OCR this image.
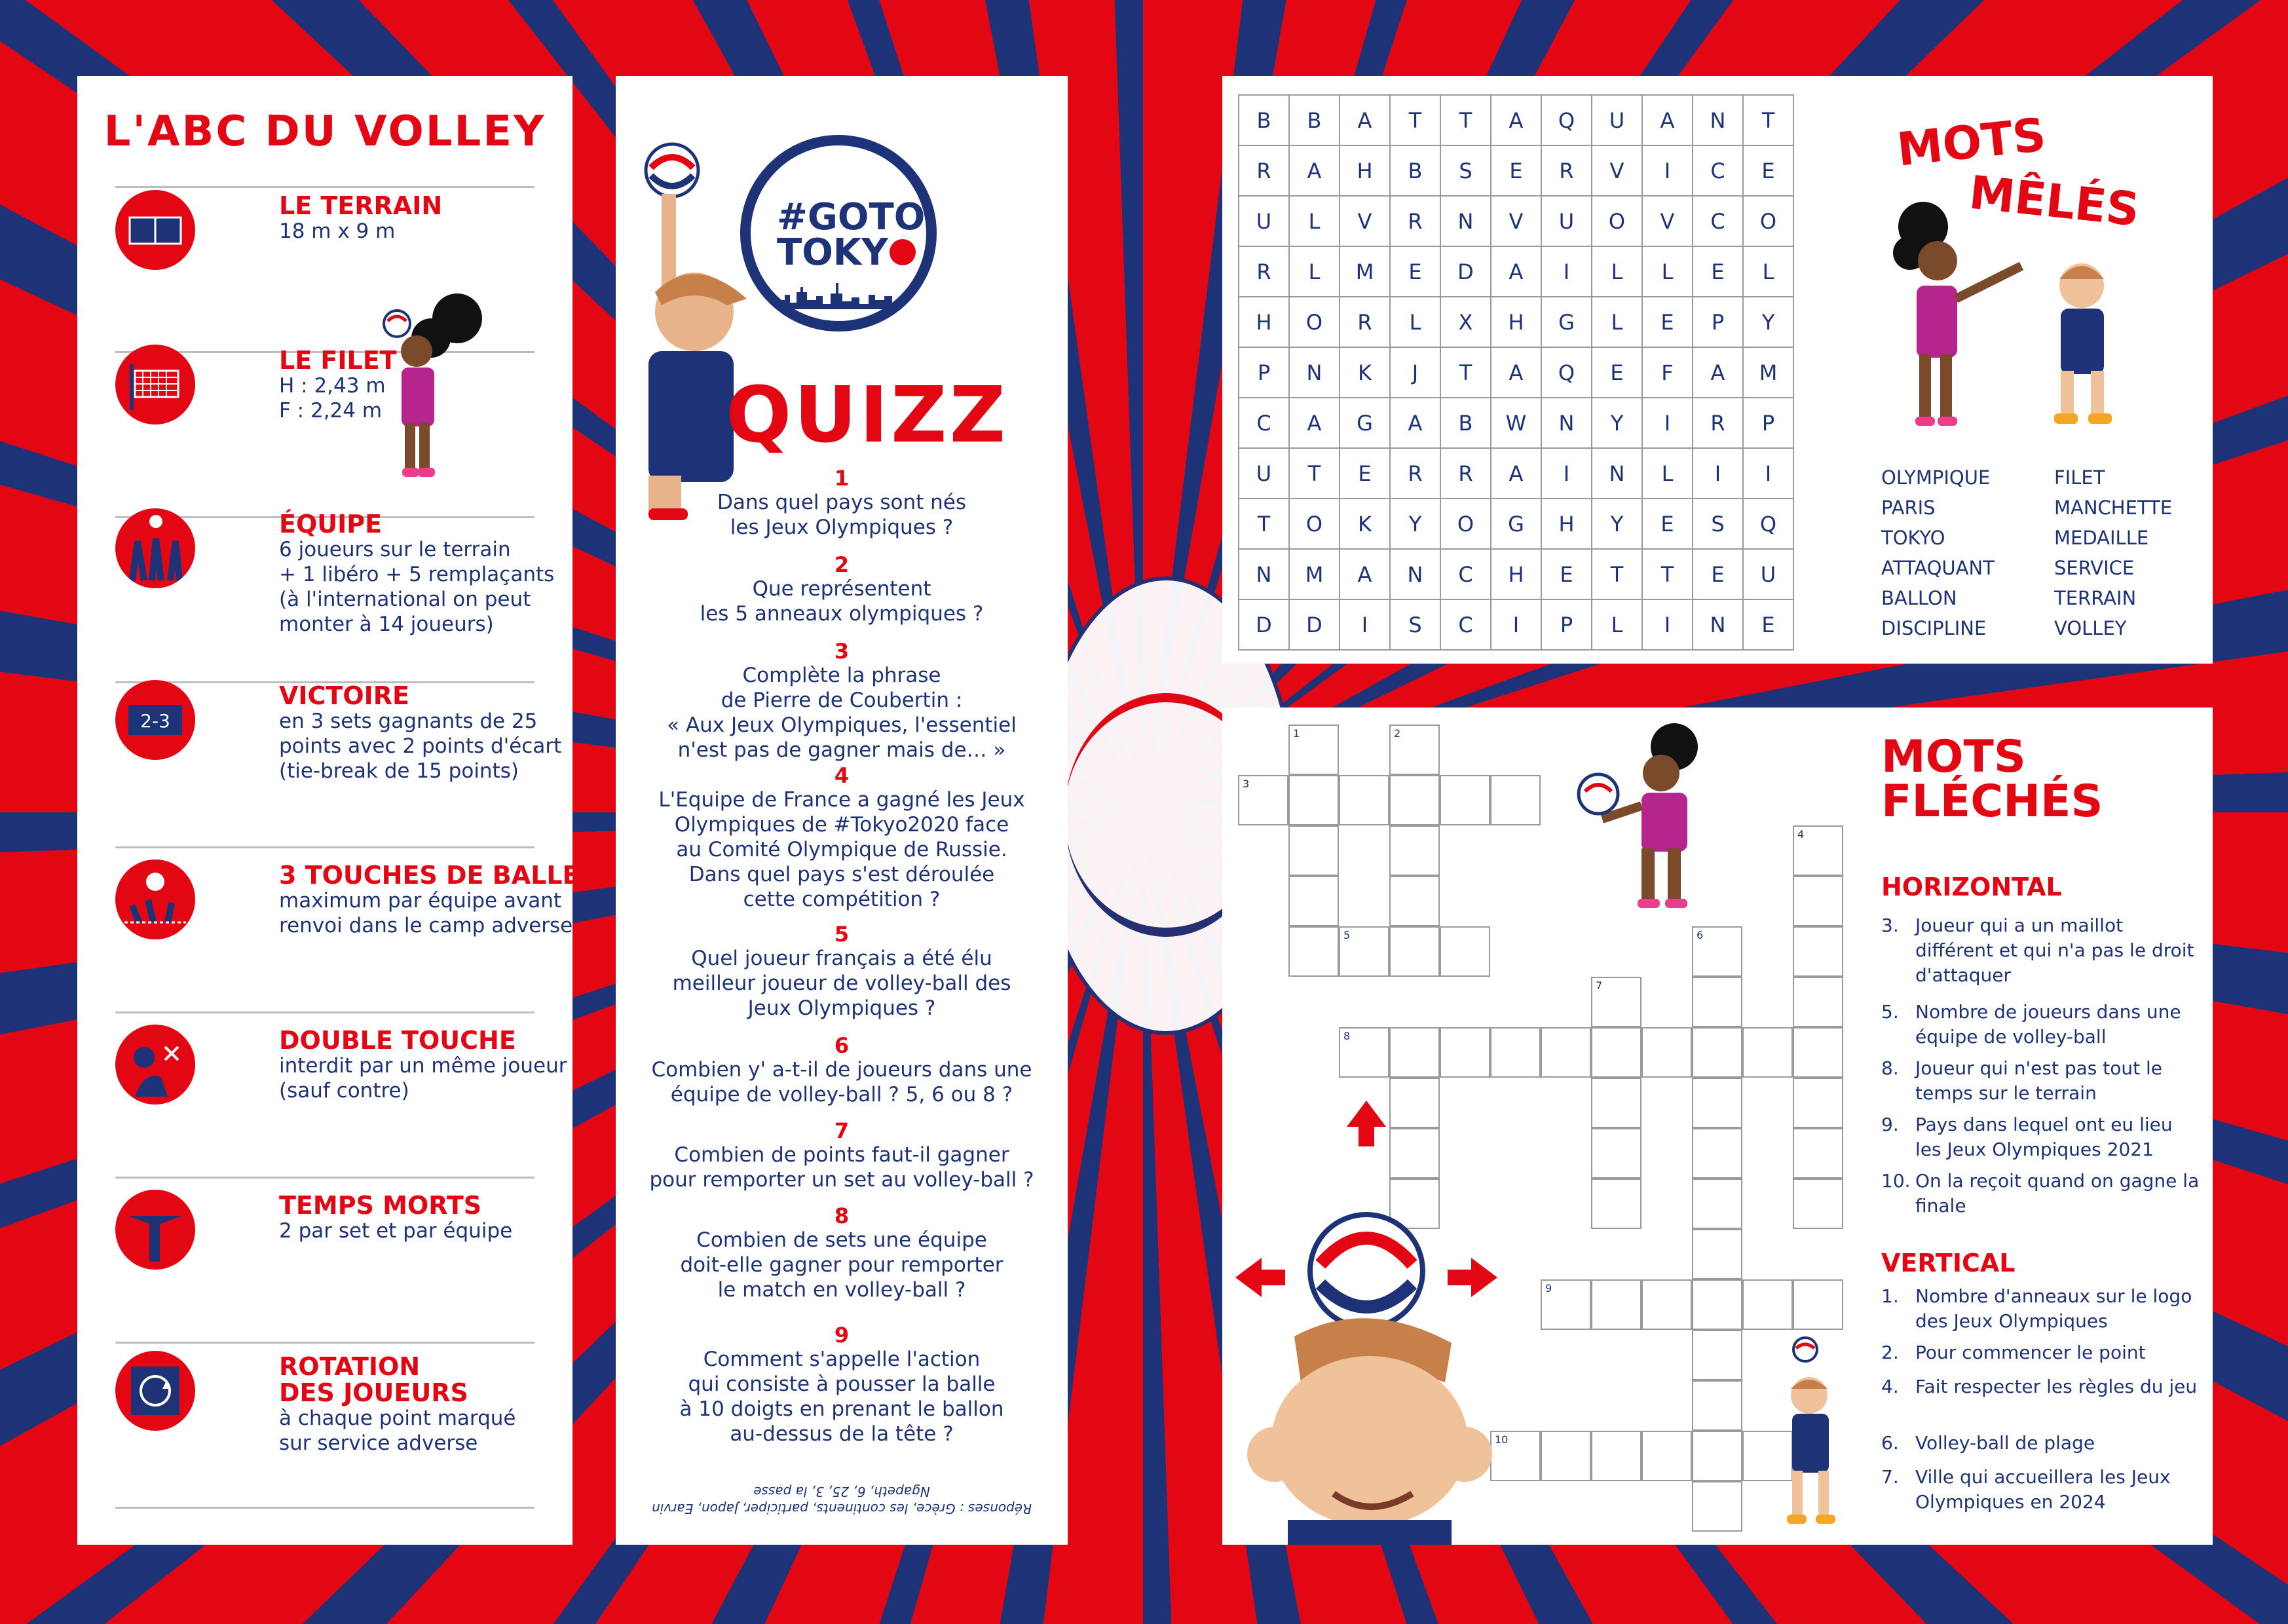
L'ABC DU VOLLEY
LE TERRAIN

18 m x 9 m

LE FILET

H : 2,43 m

F : 2,24 m

ÉQUIPE

6 joueurs sur le terrain

+ 1 libéro + 5 remplaçants

(à l'international on peut

monter à 14 joueurs)

2-3
VICTOIRE

en 3 sets gagnants de 25

points avec 2 points d'écart

(tie-break de 15 points)

3 TOUCHES DE BALLE

maximum par équipe avant

renvoi dans le camp adverse

DOUBLE TOUCHE

interdit par un même joueur

(sauf contre)

TEMPS MORTS

2 par set et par équipe

ROTATION
DES JOUEURS

à chaque point marqué

sur service adverse

#GOTO
TOKY
QUIZZ
1
Dans quel pays sont nés
les Jeux Olympiques ?
2
Que représentent
les 5 anneaux olympiques ?
3
Complète la phrase
de Pierre de Coubertin :
« Aux Jeux Olympiques, l'essentiel
n'est pas de gagner mais de… »
4
L'Equipe de France a gagné les Jeux
Olympiques de #Tokyo2020 face
au Comité Olympique de Russie.
Dans quel pays s'est déroulée
cette compétition ?
5
Quel joueur français a été élu
meilleur joueur de volley-ball des
Jeux Olympiques ?
6
Combien y' a-t-il de joueurs dans une
équipe de volley-ball ? 5, 6 ou 8 ?
7
Combien de points faut-il gagner
pour remporter un set au volley-ball ?
8
Combien de sets une équipe
doit-elle gagner pour remporter
le match en volley-ball ?
9
Comment s'appelle l'action
qui consiste à pousser la balle
à 10 doigts en prenant le ballon
au-dessus de la tête ?
Réponses : Grèce, les continents, participer, Japon, Earvin
Ngapeth, 6, 25, 3, la passe
B	B	A	T	T	A	Q	U	A	N	T
R	A	H	B	S	E	R	V	I	C	E
U	L	V	R	N	V	U	O	V	C	O
R	L	M	E	D	A	I	L	L	E	L
H	O	R	L	X	H	G	L	E	P	Y
P	N	K	J	T	A	Q	E	F	A	M
C	A	G	A	B	W	N	Y	I	R	P
U	T	E	R	R	A	I	N	L	I	I
T	O	K	Y	O	G	H	Y	E	S	Q
N	M	A	N	C	H	E	T	T	E	U
D	D	I	S	C	I	P	L	I	N	E
MOTS
MÊLÉS
OLYMPIQUE
PARIS
TOKYO
ATTAQUANT
BALLON
DISCIPLINE
FILET
MANCHETTE
MEDAILLE
SERVICE
TERRAIN
VOLLEY
1	2
3
4
5	6
7
8
9
10
MOTS
FLÉCHÉS
HORIZONTAL
3. Joueur qui a un maillot différent et qui n'a pas le droit d'attaquer
5. Nombre de joueurs dans une équipe de volley-ball
8. Joueur qui n'est pas tout le temps sur le terrain
9. Pays dans lequel ont eu lieu les Jeux Olympiques 2021
10. On la reçoit quand on gagne la finale
VERTICAL
1. Nombre d'anneaux sur le logo des Jeux Olympiques
2. Pour commencer le point
4. Fait respecter les règles du jeu
6. Volley-ball de plage
7. Ville qui accueillera les Jeux Olympiques en 2024
